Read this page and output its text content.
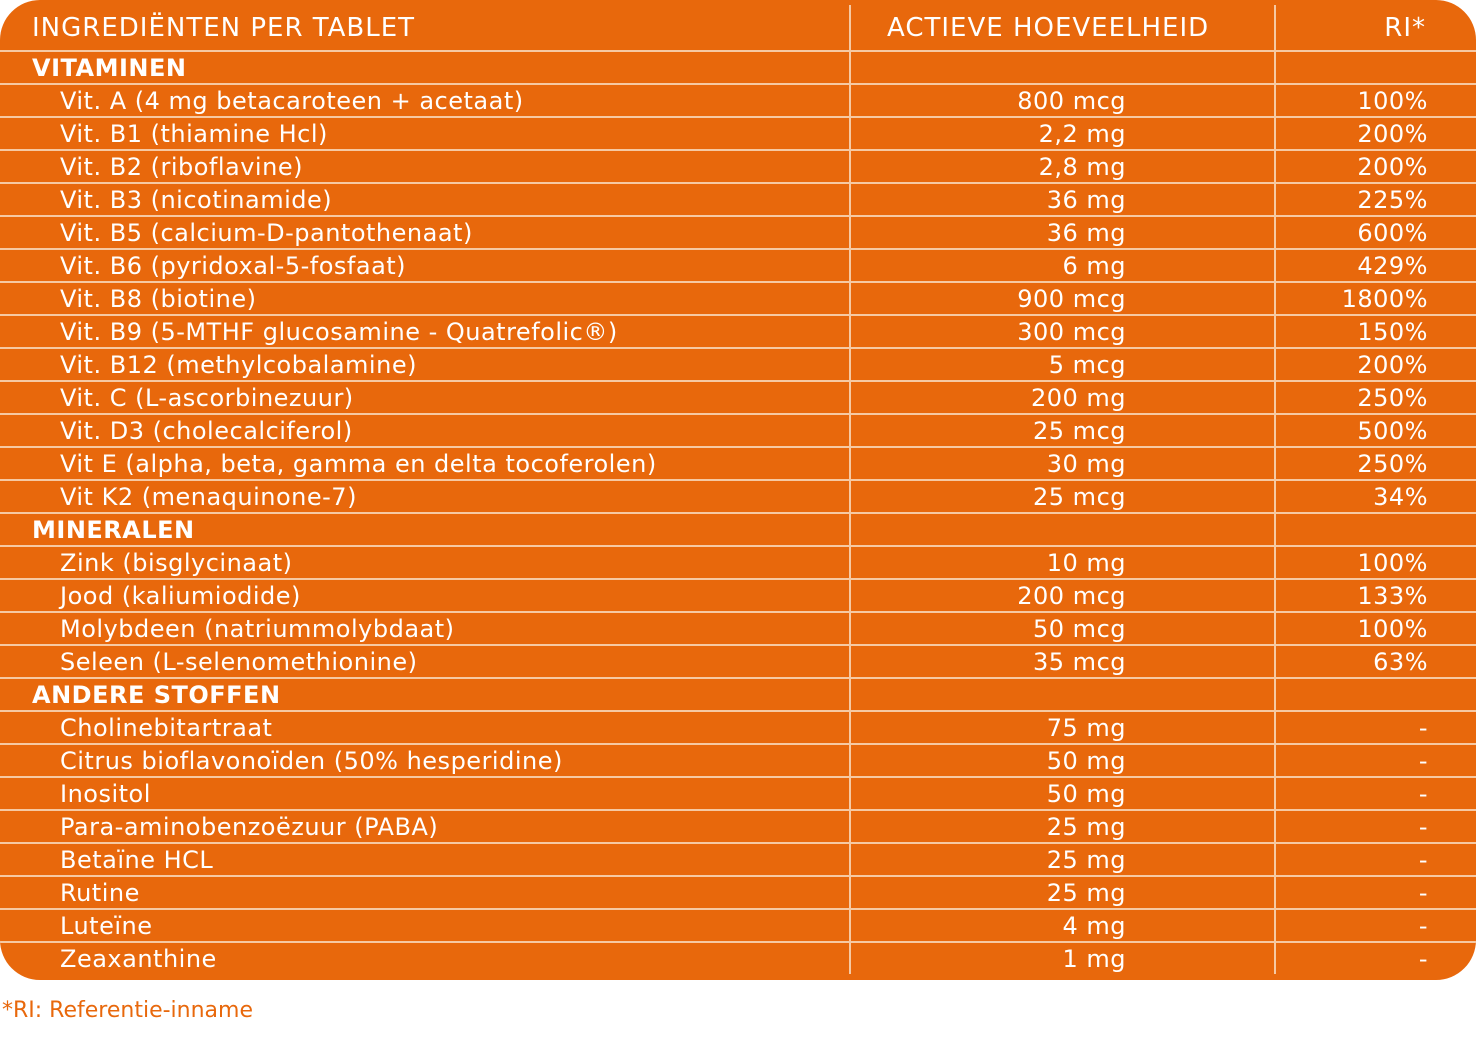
INGREDIËNTEN PER TABLET	ACTIEVE HOEVEELHEID	RI*
VITAMINEN		
Vit. A (4 mg betacaroteen + acetaat)	800 mcg	100%
Vit. B1 (thiamine Hcl)	2,2 mg	200%
Vit. B2 (riboflavine)	2,8 mg	200%
Vit. B3 (nicotinamide)	36 mg	225%
Vit. B5 (calcium-D-pantothenaat)	36 mg	600%
Vit. B6 (pyridoxal-5-fosfaat)	6 mg	429%
Vit. B8 (biotine)	900 mcg	1800%
Vit. B9 (5-MTHF glucosamine - Quatrefolic®)	300 mcg	150%
Vit. B12 (methylcobalamine)	5 mcg	200%
Vit. C (L-ascorbinezuur)	200 mg	250%
Vit. D3 (cholecalciferol)	25 mcg	500%
Vit E (alpha, beta, gamma en delta tocoferolen)	30 mg	250%
Vit K2 (menaquinone-7)	25 mcg	34%
MINERALEN		
Zink (bisglycinaat)	10 mg	100%
Jood (kaliumiodide)	200 mcg	133%
Molybdeen (natriummolybdaat)	50 mcg	100%
Seleen (L-selenomethionine)	35 mcg	63%
ANDERE STOFFEN		
Cholinebitartraat	75 mg	-
Citrus bioflavonoïden (50% hesperidine)	50 mg	-
Inositol	50 mg	-
Para-aminobenzoëzuur (PABA)	25 mg	-
Betaïne HCL	25 mg	-
Rutine	25 mg	-
Luteïne	4 mg	-
Zeaxanthine	1 mg	-
*RI: Referentie-inname
